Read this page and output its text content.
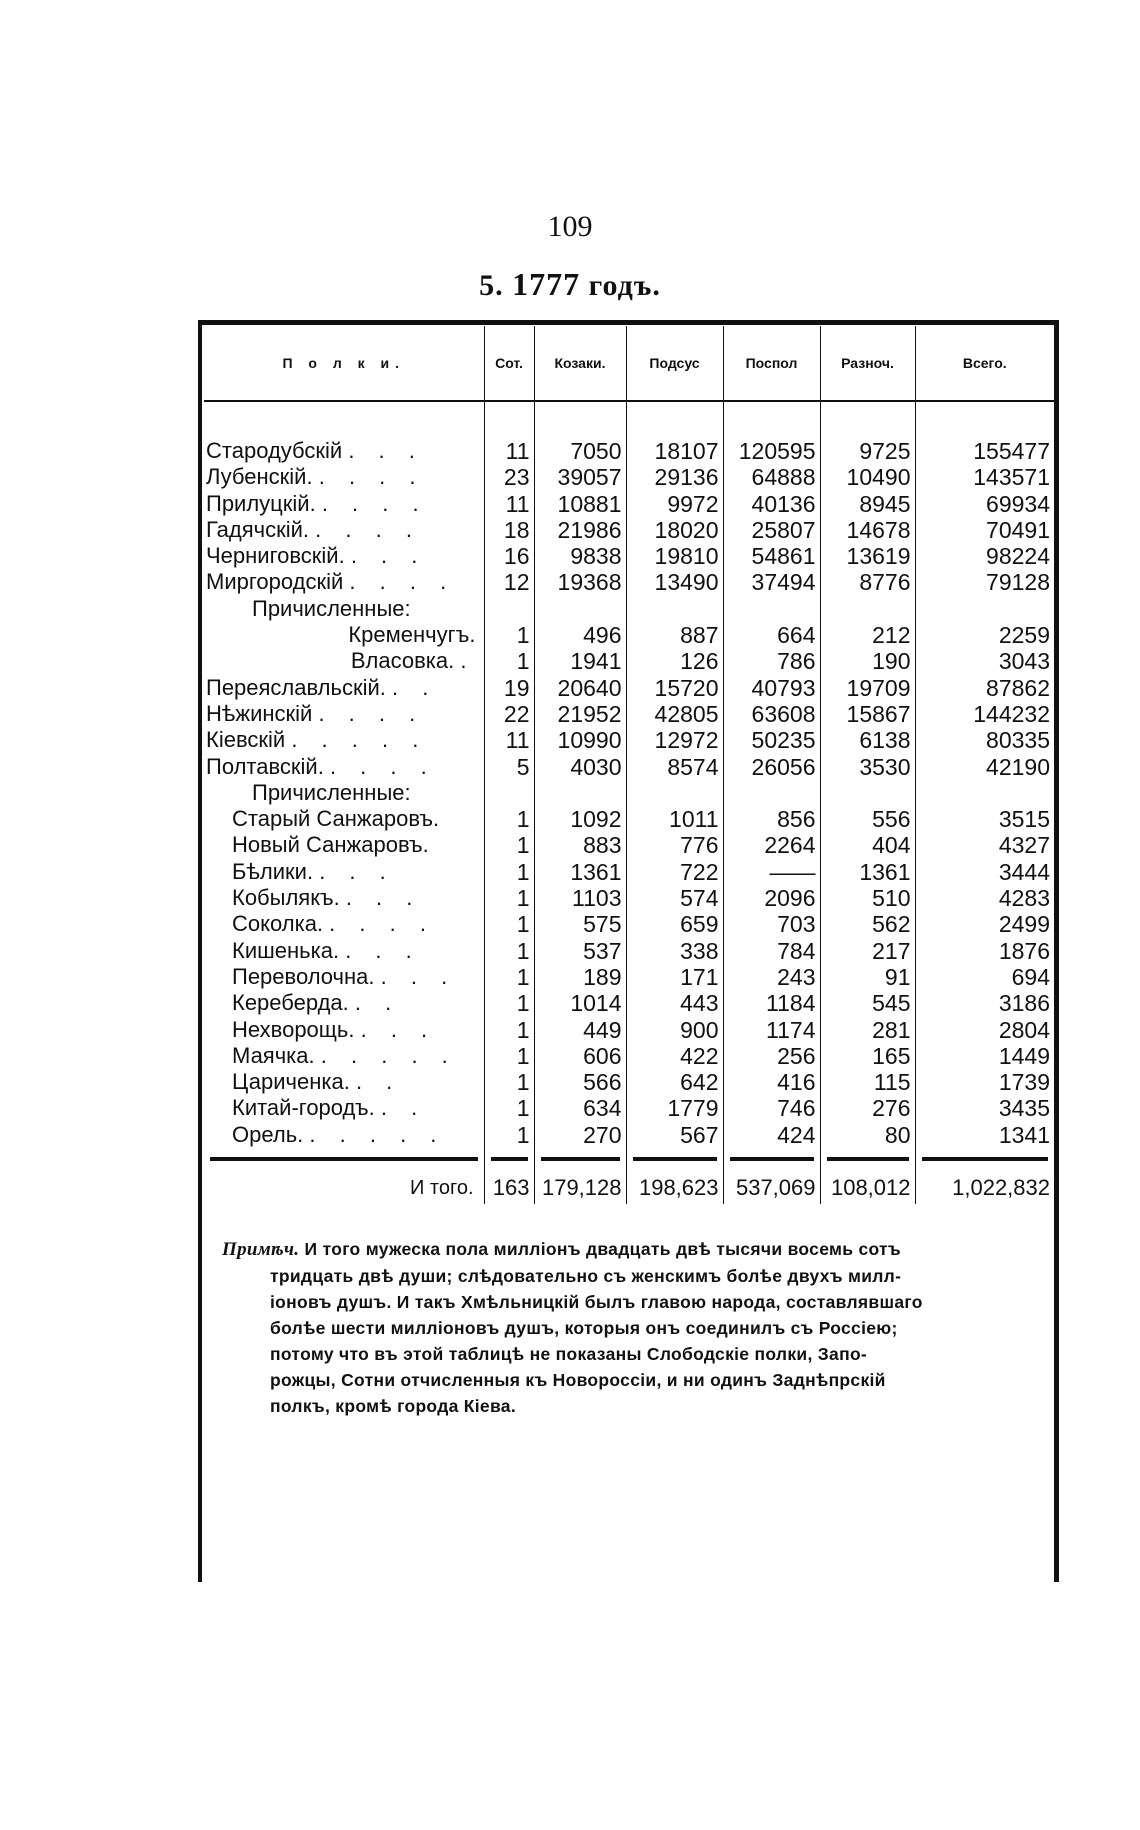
109
5. 1777 годъ.
П о л к и.	Сот.	Козаки.	Подсус	Поспол	Разноч.	Всего.

Стародубскій . . .	11	7050	18107	120595	9725	155477
Лубенскій. . . . .	23	39057	29136	64888	10490	143571
Прилуцкій. . . . .	11	10881	9972	40136	8945	69934
Гадячскій. . . . .	18	21986	18020	25807	14678	70491
Черниговскій. . . .	16	9838	19810	54861	13619	98224
Миргородскій . . . .	12	19368	13490	37494	8776	79128
Причисленные:						
Кременчугъ.	1	496	887	664	212	2259
Власовка. .	1	1941	126	786	190	3043
Переяславльскій. . .	19	20640	15720	40793	19709	87862
Нѣжинскій . . . .	22	21952	42805	63608	15867	144232
Кіевскій . . . . .	11	10990	12972	50235	6138	80335
Полтавскій. . . . .	5	4030	8574	26056	3530	42190
Причисленные:						
Старый Санжаровъ.	1	1092	1011	856	556	3515
Новый Санжаровъ.	1	883	776	2264	404	4327
Бѣлики. . . .	1	1361	722	——	1361	3444
Кобылякъ. . . .	1	1103	574	2096	510	4283
Соколка. . . . .	1	575	659	703	562	2499
Кишенька. . . .	1	537	338	784	217	1876
Переволочна. . . .	1	189	171	243	91	694
Кереберда. . .	1	1014	443	1184	545	3186
Нехворощь. . . .	1	449	900	1174	281	2804
Маячка. . . . . .	1	606	422	256	165	1449
Цариченка. . .	1	566	642	416	115	1739
Китай-городъ. . .	1	634	1779	746	276	3435
Орель. . . . . .	1	270	567	424	80	1341

И того.	163	179,128	198,623	537,069	108,012	1,022,832
Примѣч. И того мужеска пола милліонъ двадцать двѣ тысячи восемь сотъ
тридцать двѣ души; слѣдовательно съ женскимъ болѣе двухъ милл-
іоновъ душъ. И такъ Хмѣльницкій былъ главою народа, составлявшаго
болѣе шести милліоновъ душъ, которыя онъ соединилъ съ Россіею;
потому что въ этой таблицѣ не показаны Слободскіе полки, Запо-
рожцы, Сотни отчисленныя къ Новороссіи, и ни одинъ Заднѣпрскій
полкъ, кромѣ города Кіева.
